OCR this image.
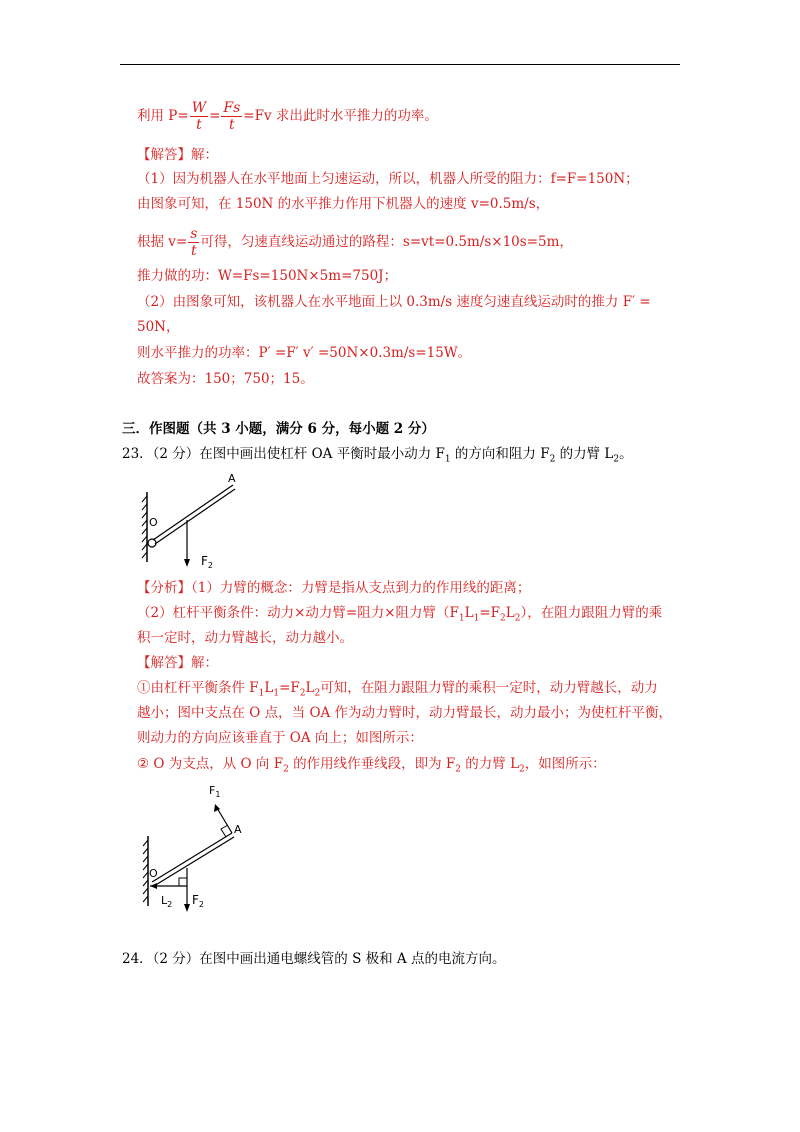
利用 $P= \frac{W}{t} = \frac{Fs}{t} =Fv$ 求出此时水平推力的功率。
【解答】解：
（1）因为机器人在水平地面上匀速运动，所以，机器人所受的阻力：f=F=150N；
由图象可知，在 150N 的水平推力作用下机器人的速度 v=0.5m/s，
根据 $v= \frac{s}{t}$ 可得，匀速直线运动通过的路程：s=vt=0.5m/s×10s=5m，
推力做的功：W=Fs=150N×5m=750J；
（2）由图象可知，该机器人在水平地面上以 0.3m/s 速度匀速直线运动时的推力 F′ =
50N，
则水平推力的功率：P′ =F′ v′ =50N×0.3m/s=15W。
故答案为：150；750；15。
三．作图题（共 3 小题，满分 6 分，每小题 2 分）
23．（2 分）在图中画出使杠杆 OA 平衡时最小动力 $F_1$ 的方向和阻力 $F_2$ 的力臂 $L_2$。
A
O
$F_2$
【分析】（1）力臂的概念：力臂是指从支点到力的作用线的距离；
（2）杠杆平衡条件：动力×动力臂=阻力×阻力臂$(F_1L_1=F_2L_2)$，在阻力跟阻力臂的乘
积一定时，动力臂越长，动力越小。
【解答】解：
①由杠杆平衡条件 $F_1L_1=F_2L_2$可知，在阻力跟阻力臂的乘积一定时，动力臂越长，动力
越小；图中支点在 O 点，当 OA 作为动力臂时，动力臂最长，动力最小；为使杠杆平衡，
则动力的方向应该垂直于 OA 向上；如图所示：
② O 为支点，从 O 向 $F_2$ 的作用线作垂线段，即为 $F_2$ 的力臂 $L_2$，如图所示：
$F_1$
A
O
$L_2$ $F_2$
24．（2 分）在图中画出通电螺线管的 S 极和 A 点的电流方向。
